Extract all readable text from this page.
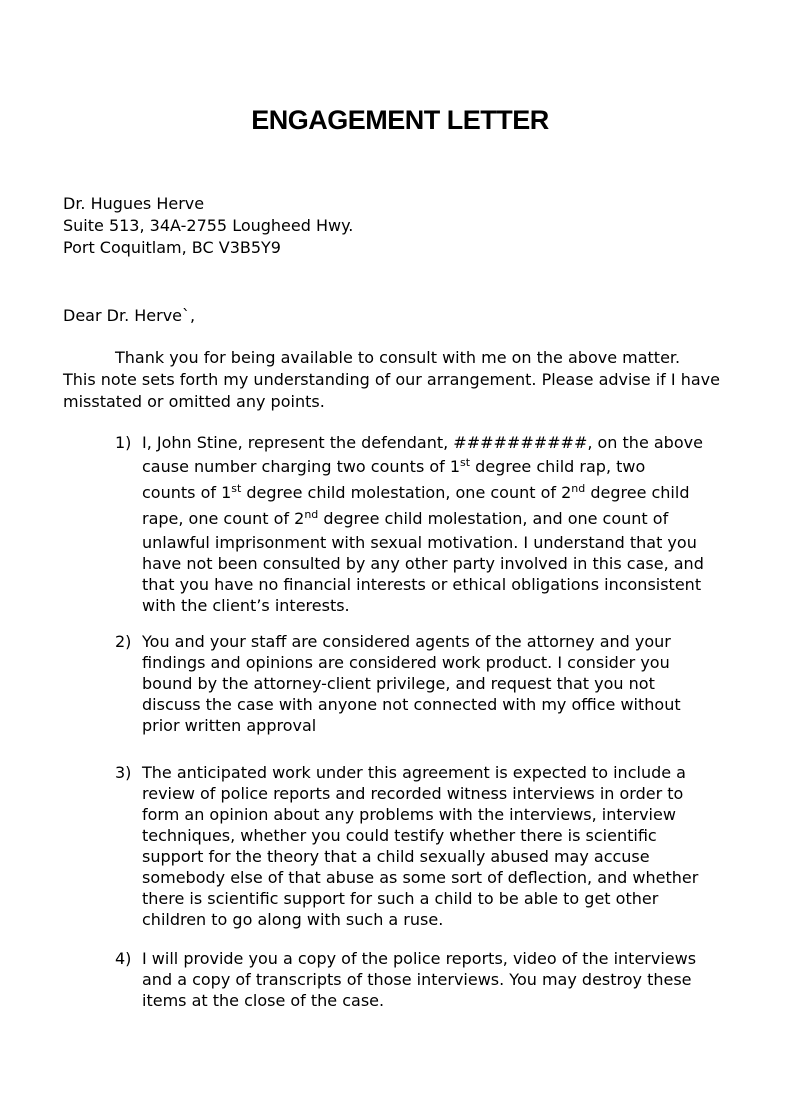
ENGAGEMENT LETTER
Dr. Hugues Herve
Suite 513, 34A-2755 Lougheed Hwy.
Port Coquitlam, BC V3B5Y9
Dear Dr. Herve`,
Thank you for being available to consult with me on the above matter.
This note sets forth my understanding of our arrangement. Please advise if I have
misstated or omitted any points.
1) I, John Stine, represent the defendant, ##########, on the above
cause number charging two counts of 1st degree child rap, two
counts of 1st degree child molestation, one count of 2nd degree child
rape, one count of 2nd degree child molestation, and one count of
unlawful imprisonment with sexual motivation. I understand that you
have not been consulted by any other party involved in this case, and
that you have no financial interests or ethical obligations inconsistent
with the client’s interests.
2) You and your staff are considered agents of the attorney and your
findings and opinions are considered work product. I consider you
bound by the attorney-client privilege, and request that you not
discuss the case with anyone not connected with my office without
prior written approval
3) The anticipated work under this agreement is expected to include a
review of police reports and recorded witness interviews in order to
form an opinion about any problems with the interviews, interview
techniques, whether you could testify whether there is scientific
support for the theory that a child sexually abused may accuse
somebody else of that abuse as some sort of deflection, and whether
there is scientific support for such a child to be able to get other
children to go along with such a ruse.
4) I will provide you a copy of the police reports, video of the interviews
and a copy of transcripts of those interviews. You may destroy these
items at the close of the case.
